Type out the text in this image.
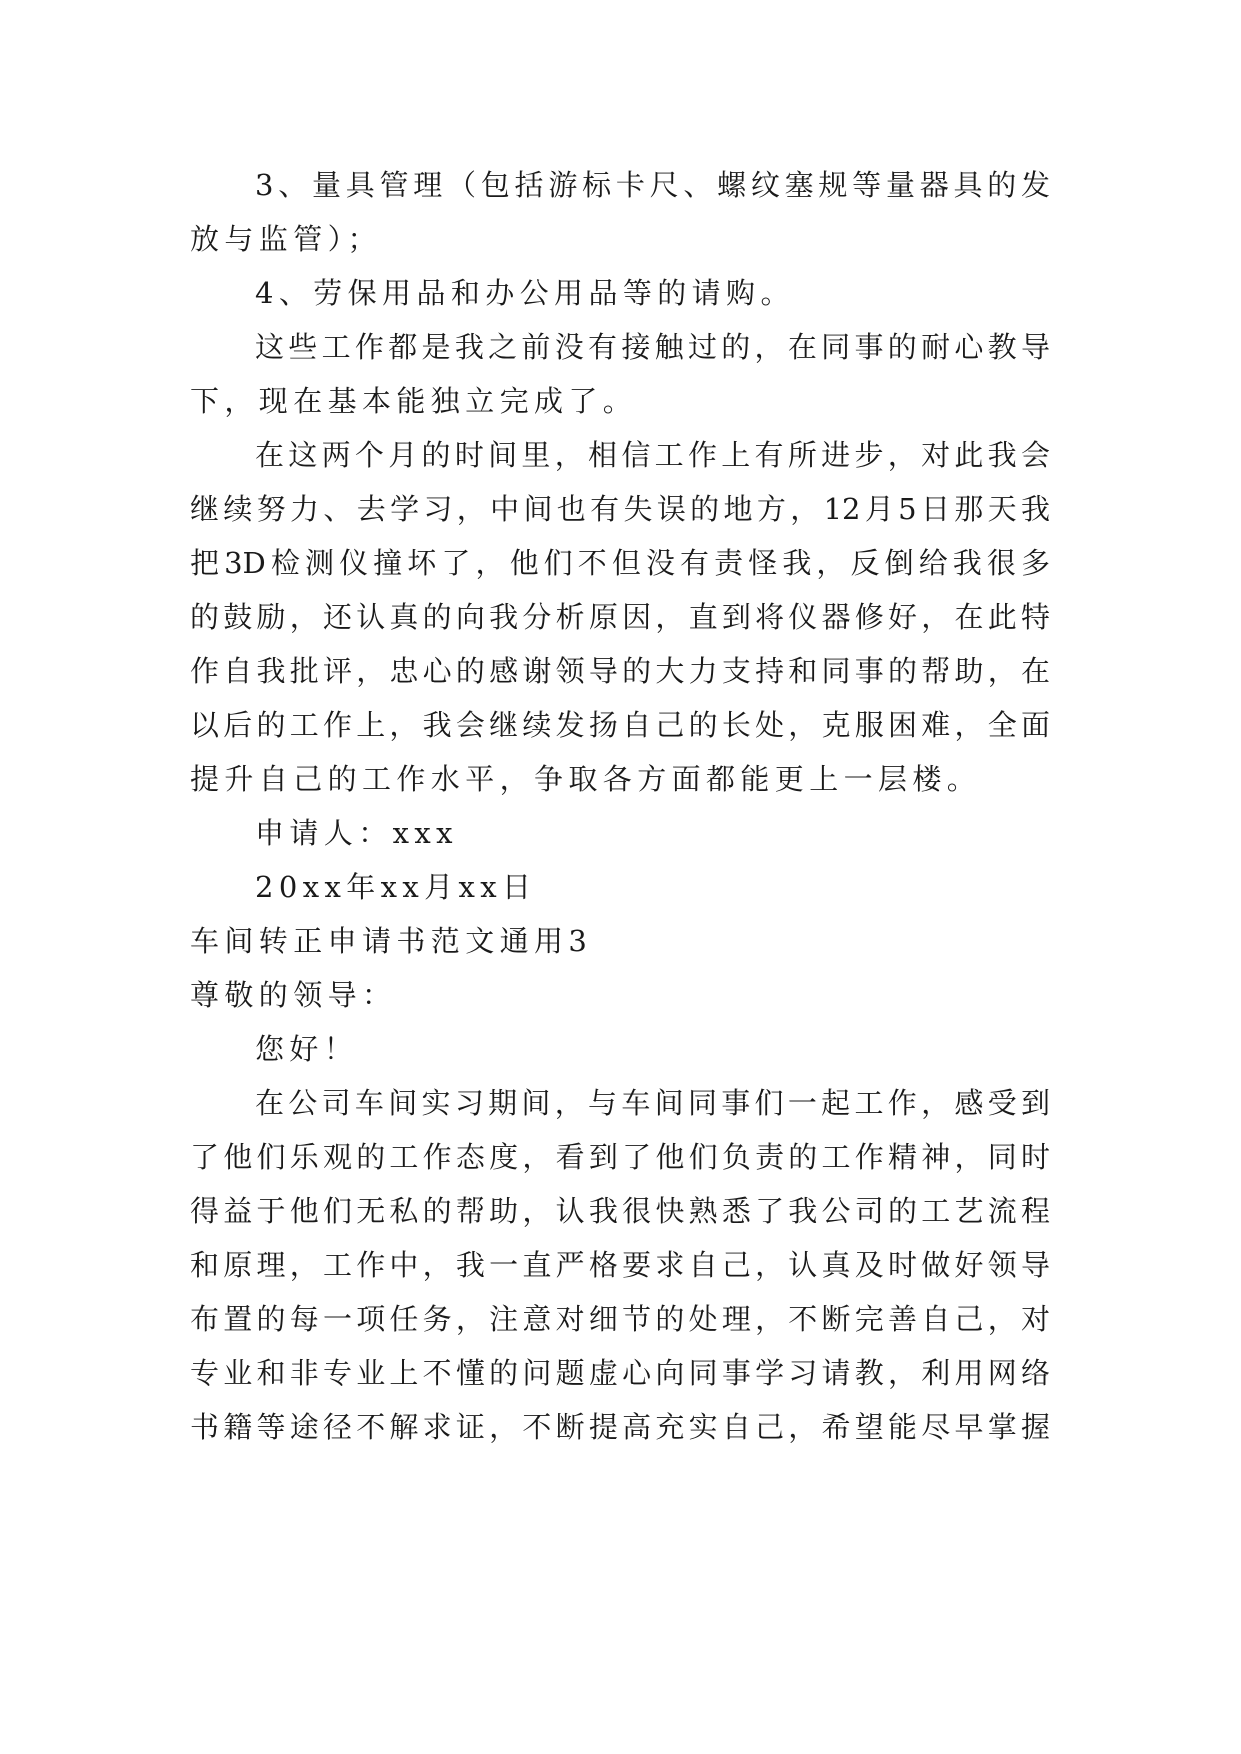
3、量具管理（包括游标卡尺、螺纹塞规等量器具的发
放与监管）；
4、劳保用品和办公用品等的请购。
这些工作都是我之前没有接触过的，在同事的耐心教导
下，现在基本能独立完成了。
在这两个月的时间里，相信工作上有所进步，对此我会
继续努力、去学习，中间也有失误的地方，12月5日那天我
把3D检测仪撞坏了，他们不但没有责怪我，反倒给我很多
的鼓励，还认真的向我分析原因，直到将仪器修好，在此特
作自我批评，忠心的感谢领导的大力支持和同事的帮助，在
以后的工作上，我会继续发扬自己的长处，克服困难，全面
提升自己的工作水平，争取各方面都能更上一层楼。
申请人：xxx
20xx年xx月xx日
车间转正申请书范文通用3
尊敬的领导：
您好！
在公司车间实习期间，与车间同事们一起工作，感受到
了他们乐观的工作态度，看到了他们负责的工作精神，同时
得益于他们无私的帮助，认我很快熟悉了我公司的工艺流程
和原理，工作中，我一直严格要求自己，认真及时做好领导
布置的每一项任务，注意对细节的处理，不断完善自己，对
专业和非专业上不懂的问题虚心向同事学习请教，利用网络
书籍等途径不解求证，不断提高充实自己，希望能尽早掌握
